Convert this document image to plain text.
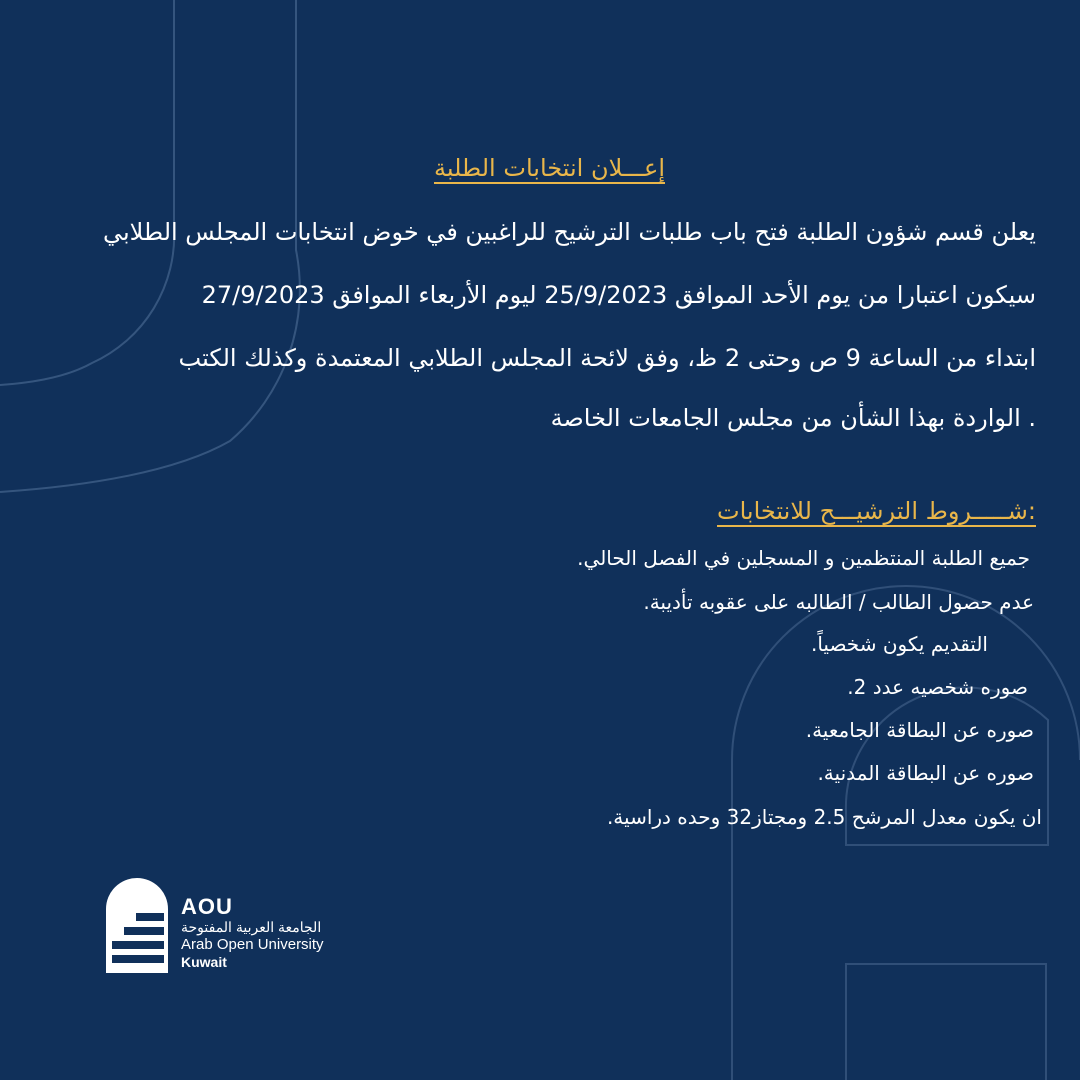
إعـــلان انتخابات الطلبة
يعلن قسم شؤون الطلبة فتح باب طلبات الترشيح للراغبين في خوض انتخابات المجلس الطلابي
سيكون اعتبارا من يوم الأحد الموافق 25/9/2023 ليوم الأربعاء الموافق 27/9/2023
ابتداء من الساعة 9 ص وحتى 2 ظ، وفق لائحة المجلس الطلابي المعتمدة وكذلك الكتب
. الواردة بهذا الشأن من مجلس الجامعات الخاصة
:شـــــروط الترشيـــح للانتخابات
جميع الطلبة المنتظمين و المسجلين في الفصل الحالي.
عدم حصول الطالب / الطالبه على عقوبه تأديبة.
التقديم يكون شخصياً.
صوره شخصيه عدد 2.
صوره عن البطاقة الجامعية.
صوره عن البطاقة المدنية.
ان يكون معدل المرشح 2.5 ومجتاز32 وحده دراسية.
AOU
الجامعة العربية المفتوحة
Arab Open University
Kuwait
